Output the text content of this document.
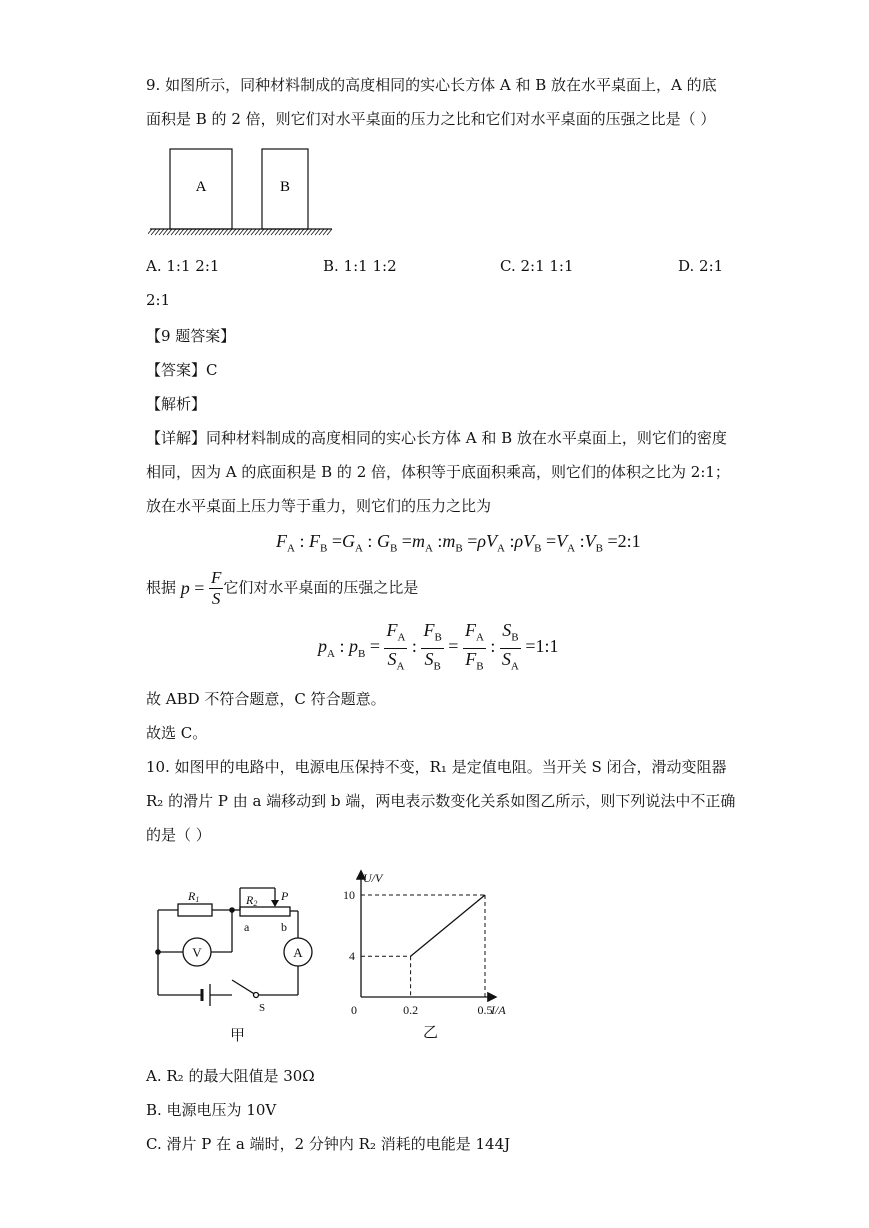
9. 如图所示，同种材料制成的高度相同的实心长方体 A 和 B 放在水平桌面上，A 的底
面积是 B 的 2 倍，则它们对水平桌面的压力之比和它们对水平桌面的压强之比是（ ）
A	B
A. 1:1 2:1	B. 1:1 1:2	C. 2:1 1:1	D. 2:1
2:1
【9 题答案】
【答案】C
【解析】
【详解】同种材料制成的高度相同的实心长方体 A 和 B 放在水平桌面上，则它们的密度
相同，因为 A 的底面积是 B 的 2 倍，体积等于底面积乘高，则它们的体积之比为 2:1；
放在水平桌面上压力等于重力，则它们的压力之比为
$F_A$ : $F_B =G_A$ : $G_B =m_A$ $:m_B =\rho V_A$ $:\rho V_B =V_A$ $:V_B$ =2:1
根据 $p = \frac{F}{S}$ 它们对水平桌面的压强之比是
$p_A$ : $p_B = \frac{F_A}{S_A}$ : $\frac{F_B}{S_B} = \frac{F_A}{F_B}$ : $\frac{S_B}{S_A}$ =1:1
故 ABD 不符合题意，C 符合题意。
故选 C。
10. 如图甲的电路中，电源电压保持不变，R₁ 是定值电阻。当开关 S 闭合，滑动变阻器
R₂ 的滑片 P 由 a 端移动到 b 端，两电表示数变化关系如图乙所示，则下列说法中不正确
的是（ ）
R1	R2
P
a	b
V	A
S
甲
0.2	0.5
10
4
U/V
I/A
0
乙
A. R₂ 的最大阻值是 30Ω
B. 电源电压为 10V
C. 滑片 P 在 a 端时，2 分钟内 R₂ 消耗的电能是 144J
